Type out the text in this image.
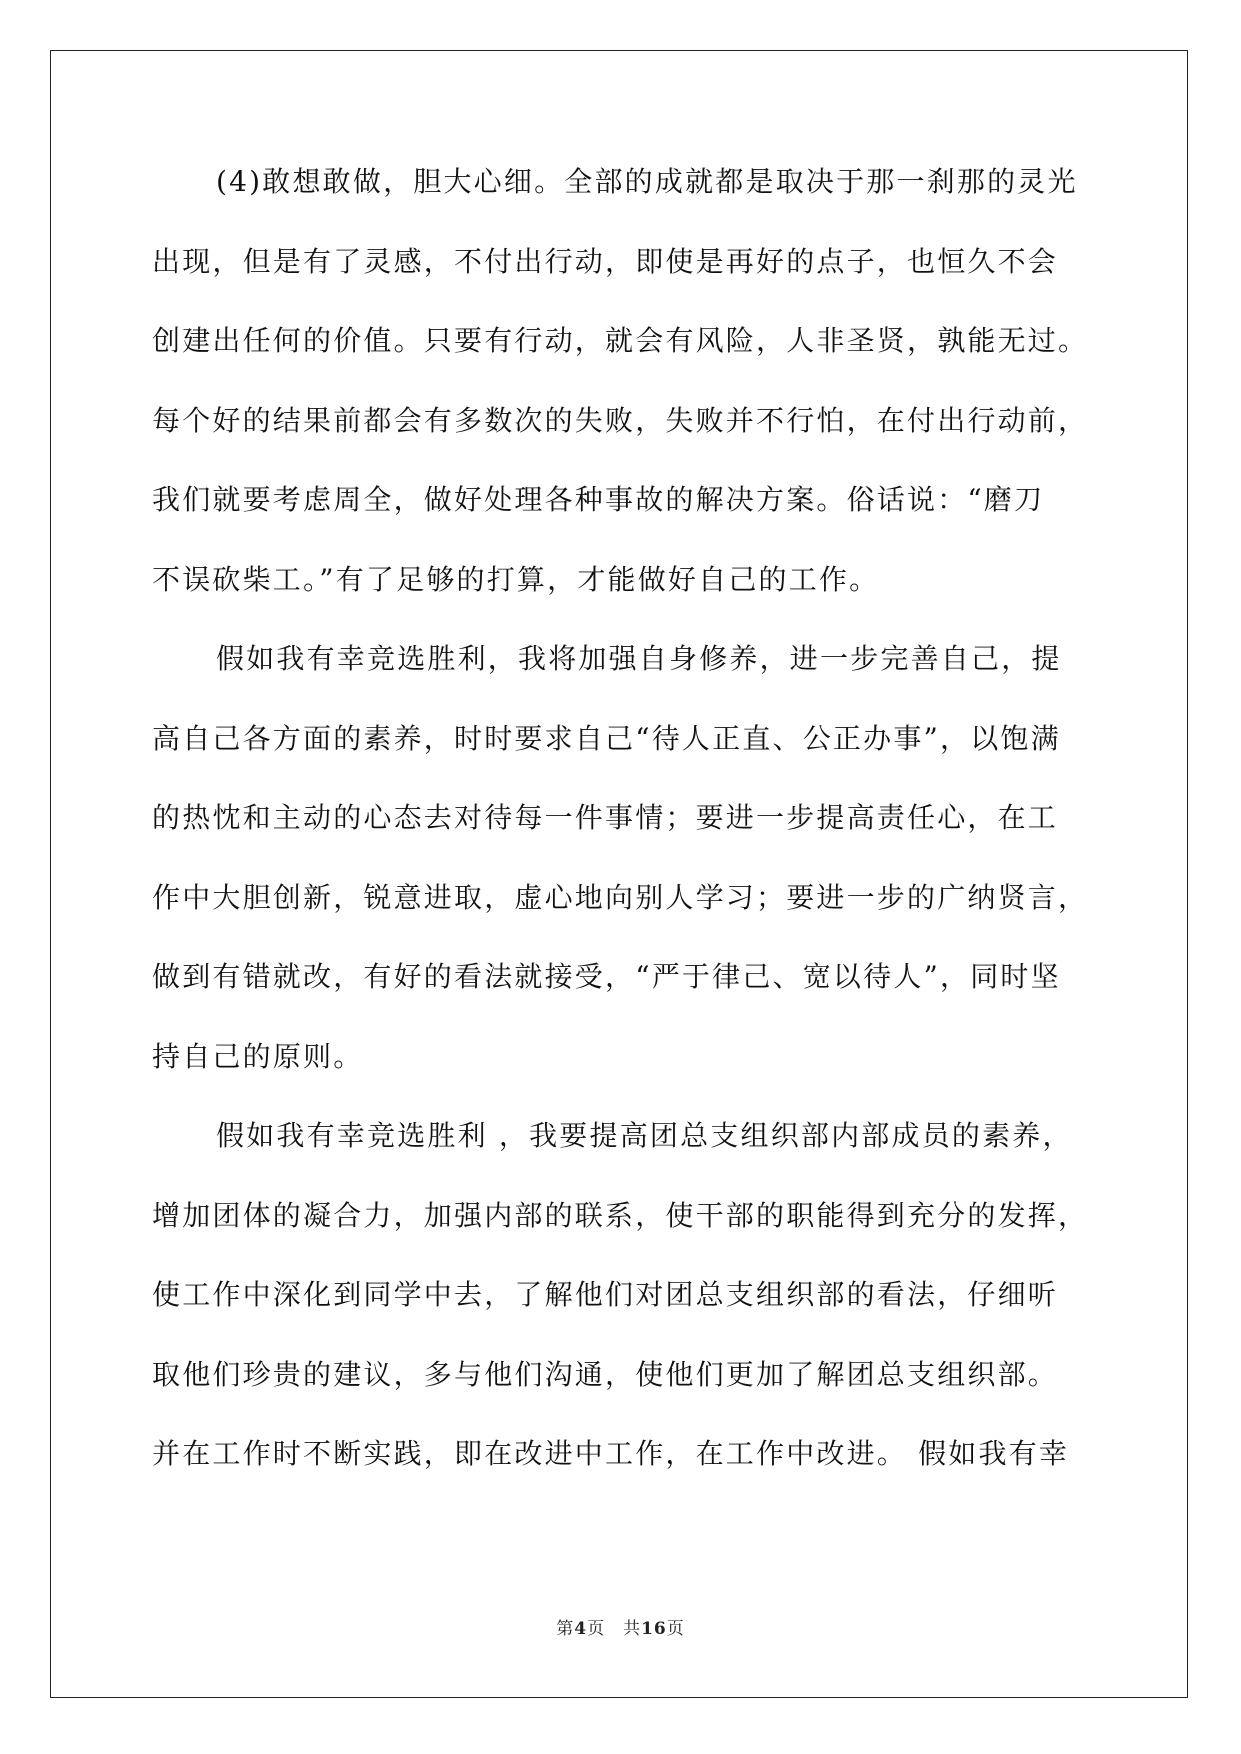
(4)敢想敢做，胆大心细。全部的成就都是取决于那一刹那的灵光
出现，但是有了灵感，不付出行动，即使是再好的点子，也恒久不会
创建出任何的价值。只要有行动，就会有风险，人非圣贤，孰能无过。
每个好的结果前都会有多数次的失败，失败并不行怕，在付出行动前，
我们就要考虑周全，做好处理各种事故的解决方案。俗话说：“磨刀
不误砍柴工。”有了足够的打算，才能做好自己的工作。
假如我有幸竞选胜利，我将加强自身修养，进一步完善自己，提
高自己各方面的素养，时时要求自己“待人正直、公正办事”，以饱满
的热忱和主动的心态去对待每一件事情；要进一步提高责任心，在工
作中大胆创新，锐意进取，虚心地向别人学习；要进一步的广纳贤言，
做到有错就改，有好的看法就接受，“严于律己、宽以待人”，同时坚
持自己的原则。
假如我有幸竞选胜利 ，我要提高团总支组织部内部成员的素养，
增加团体的凝合力，加强内部的联系，使干部的职能得到充分的发挥，
使工作中深化到同学中去，了解他们对团总支组织部的看法，仔细听
取他们珍贵的建议，多与他们沟通，使他们更加了解团总支组织部。
并在工作时不断实践，即在改进中工作，在工作中改进。 假如我有幸
第4页　 共16页
